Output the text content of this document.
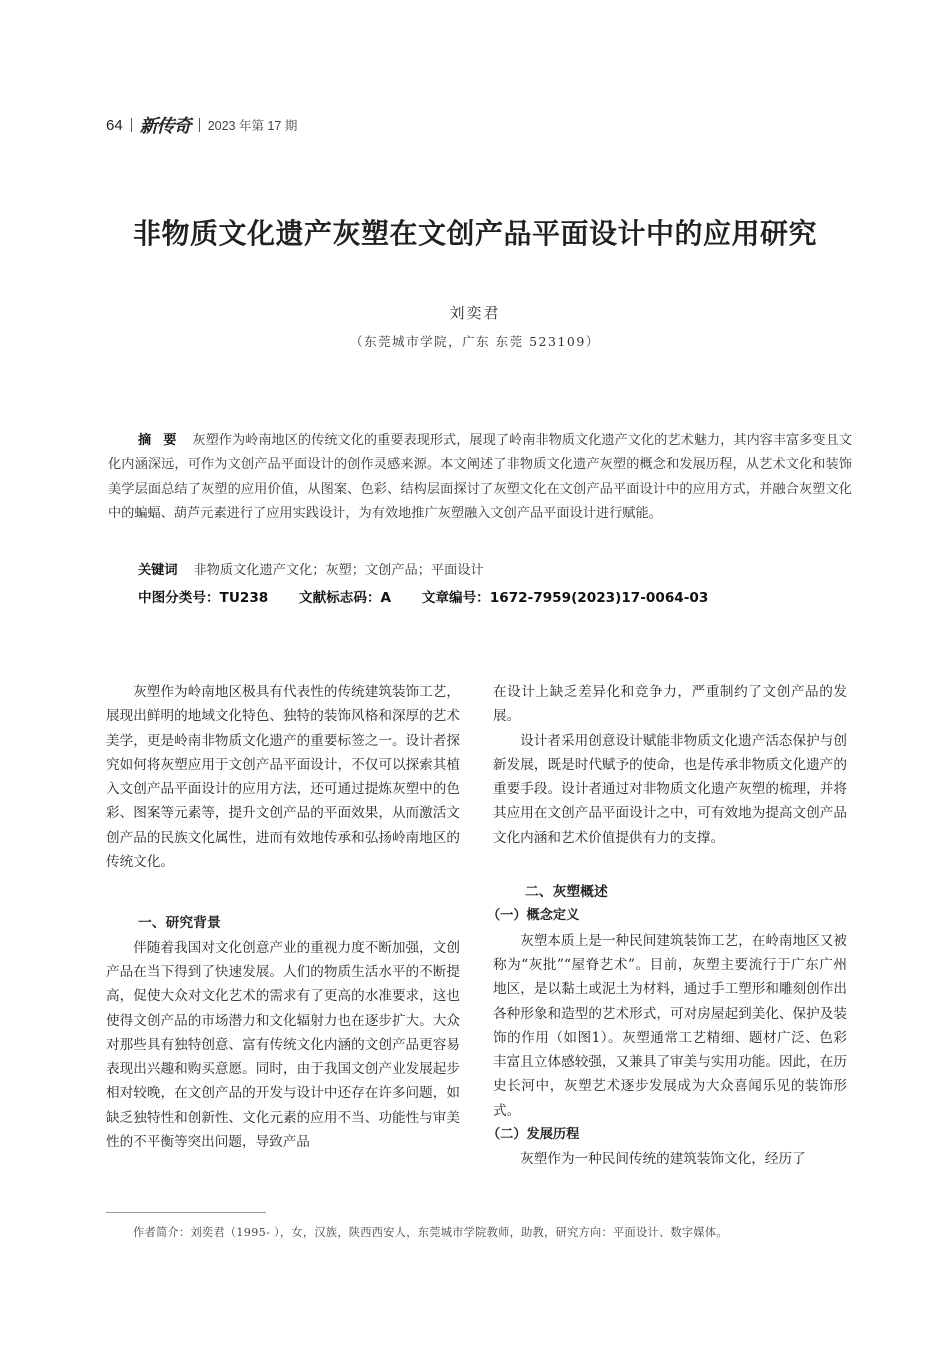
64 新传奇 2023 年第 17 期
非物质文化遗产灰塑在文创产品平面设计中的应用研究
刘奕君
（东莞城市学院，广东 东莞 523109）
摘要 灰塑作为岭南地区的传统文化的重要表现形式，展现了岭南非物质文化遗产文化的艺术魅力，其内容丰富多变且文化内涵深远，可作为文创产品平面设计的创作灵感来源。本文阐述了非物质文化遗产灰塑的概念和发展历程，从艺术文化和装饰美学层面总结了灰塑的应用价值，从图案、色彩、结构层面探讨了灰塑文化在文创产品平面设计中的应用方式，并融合灰塑文化中的蝙蝠、葫芦元素进行了应用实践设计，为有效地推广灰塑融入文创产品平面设计进行赋能。
关键词 非物质文化遗产文化；灰塑；文创产品；平面设计
中图分类号：TU238 文献标志码：A 文章编号：1672-7959(2023)17-0064-03

灰塑作为岭南地区极具有代表性的传统建筑装饰工艺，展现出鲜明的地域文化特色、独特的装饰风格和深厚的艺术美学，更是岭南非物质文化遗产的重要标签之一。设计者探究如何将灰塑应用于文创产品平面设计，不仅可以探索其植入文创产品平面设计的应用方法，还可通过提炼灰塑中的色彩、图案等元素等，提升文创产品的平面效果，从而激活文创产品的民族文化属性，进而有效地传承和弘扬岭南地区的传统文化。

一、研究背景

伴随着我国对文化创意产业的重视力度不断加强，文创产品在当下得到了快速发展。人们的物质生活水平的不断提高，促使大众对文化艺术的需求有了更高的水准要求，这也使得文创产品的市场潜力和文化辐射力也在逐步扩大。大众对那些具有独特创意、富有传统文化内涵的文创产品更容易表现出兴趣和购买意愿。同时，由于我国文创产业发展起步相对较晚，在文创产品的开发与设计中还存在许多问题，如缺乏独特性和创新性、文化元素的应用不当、功能性与审美性的不平衡等突出问题，导致产品

在设计上缺乏差异化和竞争力，严重制约了文创产品的发展。

设计者采用创意设计赋能非物质文化遗产活态保护与创新发展，既是时代赋予的使命，也是传承非物质文化遗产的重要手段。设计者通过对非物质文化遗产灰塑的梳理，并将其应用在文创产品平面设计之中，可有效地为提高文创产品文化内涵和艺术价值提供有力的支撑。

二、灰塑概述
（一）概念定义

灰塑本质上是一种民间建筑装饰工艺，在岭南地区又被称为“灰批”“屋脊艺术”。目前，灰塑主要流行于广东广州地区，是以黏土或泥土为材料，通过手工塑形和雕刻创作出各种形象和造型的艺术形式，可对房屋起到美化、保护及装饰的作用（如图1）。灰塑通常工艺精细、题材广泛、色彩丰富且立体感较强，又兼具了审美与实用功能。因此，在历史长河中，灰塑艺术逐步发展成为大众喜闻乐见的装饰形式。

（二）发展历程

灰塑作为一种民间传统的建筑装饰文化，经历了

作者简介：刘奕君（1995- ），女，汉族，陕西西安人，东莞城市学院教师，助教，研究方向：平面设计、数字媒体。
